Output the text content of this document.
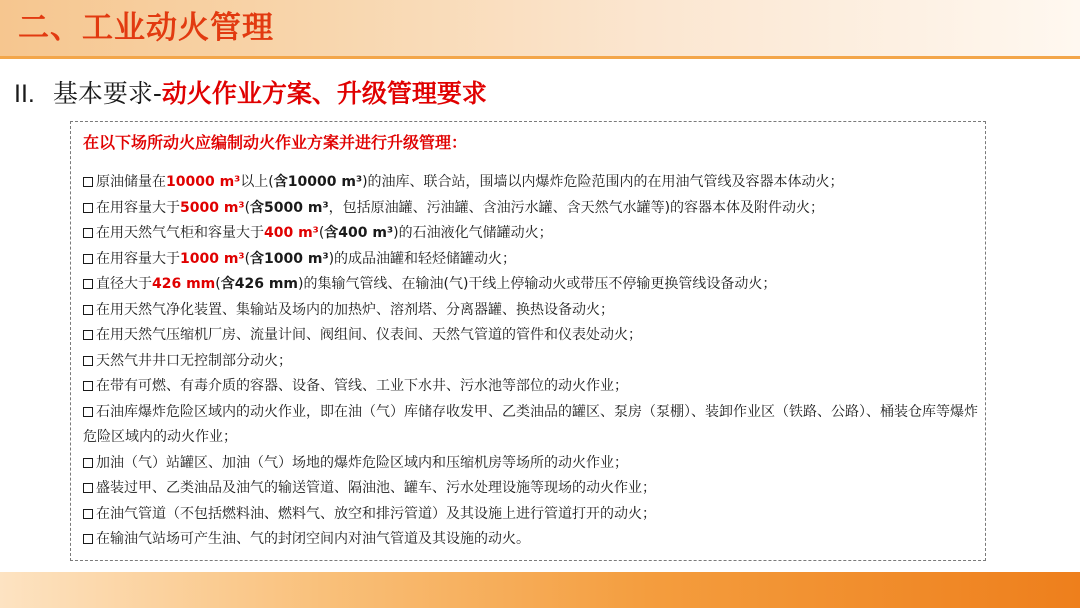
二、工业动火管理
II. 基本要求-动火作业方案、升级管理要求
在以下场所动火应编制动火作业方案并进行升级管理：
原油储量在10000 m³以上(含10000 m³)的油库、联合站，围墙以内爆炸危险范围内的在用油气管线及容器本体动火；
在用容量大于5000 m³(含5000 m³，包括原油罐、污油罐、含油污水罐、含天然气水罐等)的容器本体及附件动火；
在用天然气气柜和容量大于400 m³(含400 m³)的石油液化气储罐动火；
在用容量大于1000 m³(含1000 m³)的成品油罐和轻烃储罐动火；
直径大于426 mm(含426 mm)的集输气管线、在输油(气)干线上停输动火或带压不停输更换管线设备动火；
在用天然气净化装置、集输站及场内的加热炉、溶剂塔、分离器罐、换热设备动火；
在用天然气压缩机厂房、流量计间、阀组间、仪表间、天然气管道的管件和仪表处动火；
天然气井井口无控制部分动火；
在带有可燃、有毒介质的容器、设备、管线、工业下水井、污水池等部位的动火作业；
石油库爆炸危险区域内的动火作业，即在油（气）库储存收发甲、乙类油品的罐区、泵房（泵棚）、装卸作业区（铁路、公路）、桶装仓库等爆炸危险区域内的动火作业；
加油（气）站罐区、加油（气）场地的爆炸危险区域内和压缩机房等场所的动火作业；
盛装过甲、乙类油品及油气的输送管道、隔油池、罐车、污水处理设施等现场的动火作业；
在油气管道（不包括燃料油、燃料气、放空和排污管道）及其设施上进行管道打开的动火；
在输油气站场可产生油、气的封闭空间内对油气管道及其设施的动火。
